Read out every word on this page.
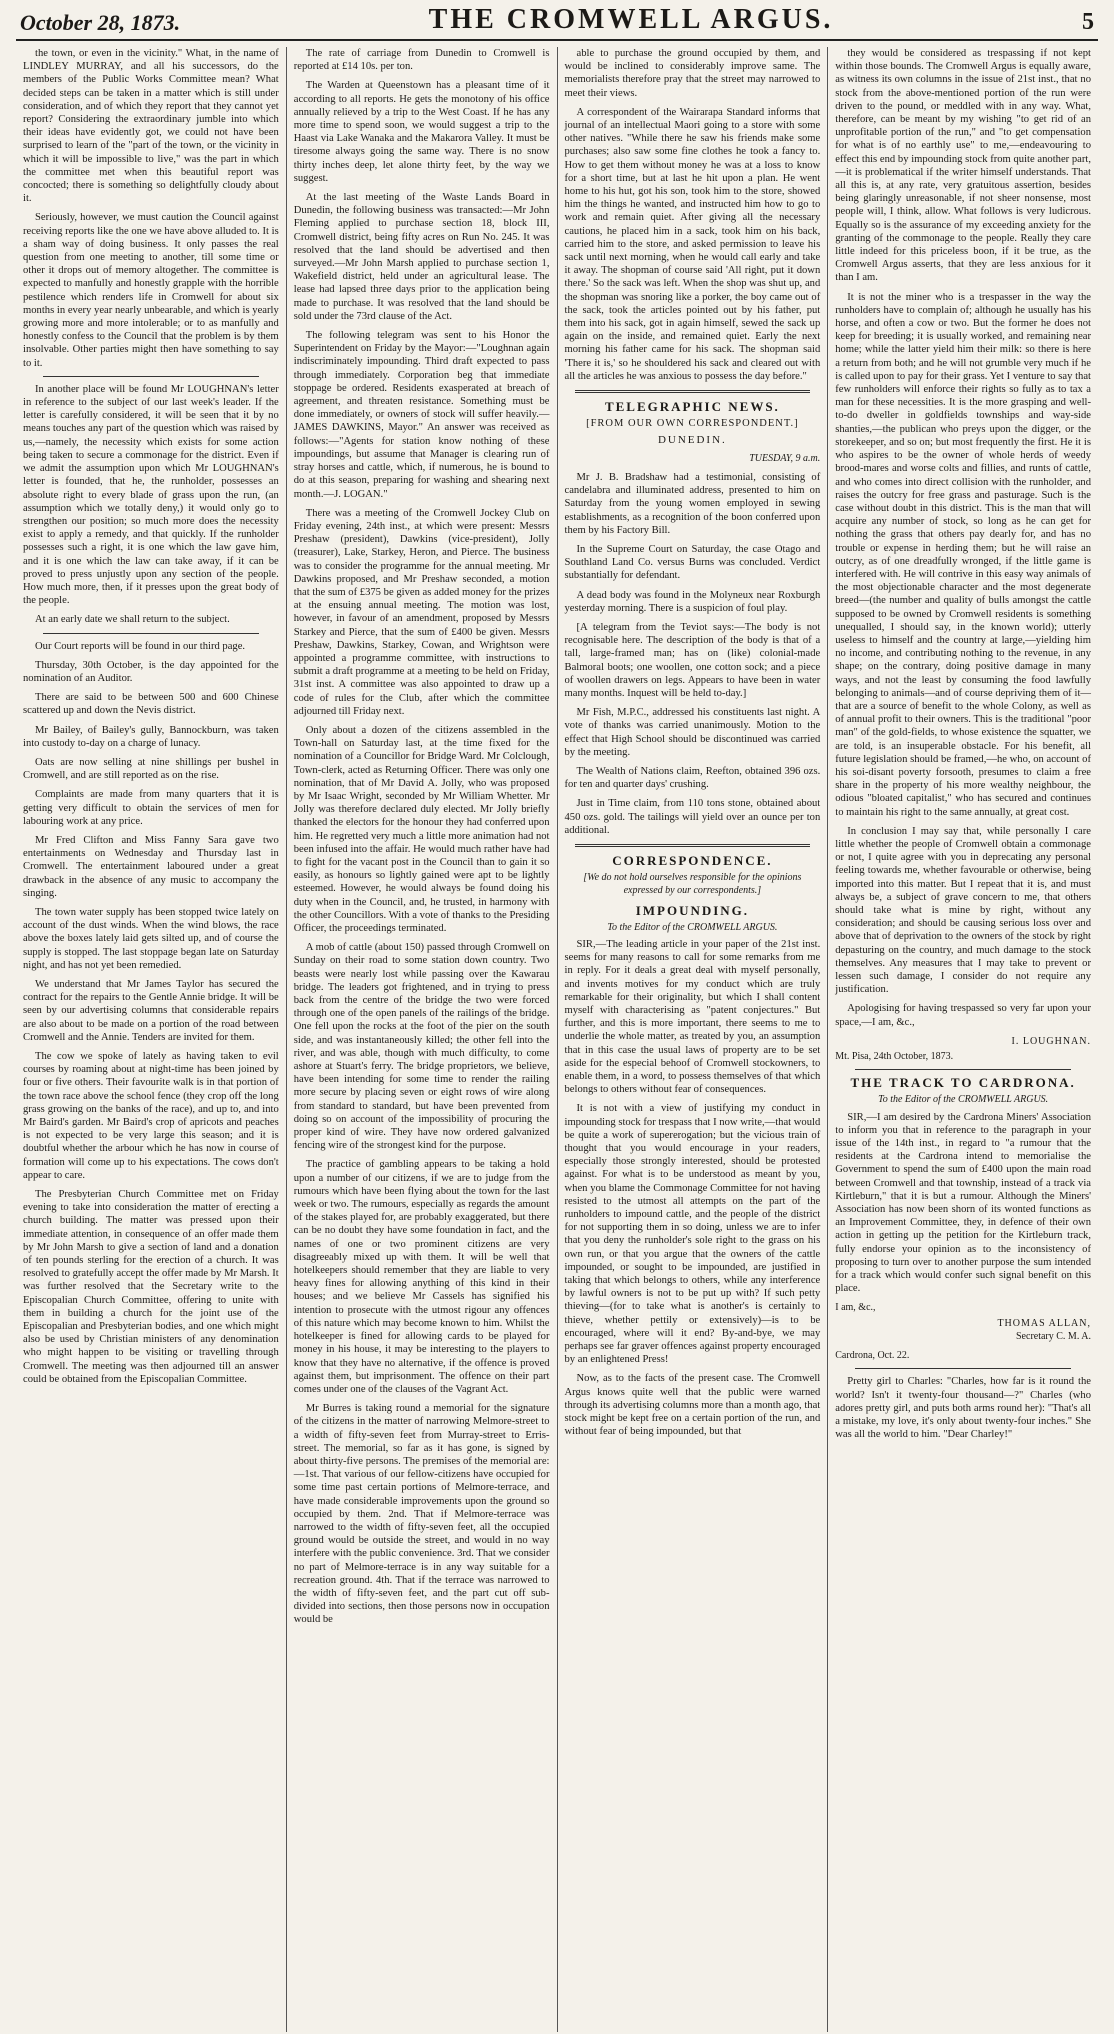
October 28, 1873.	THE CROMWELL ARGUS.	5

the town, or even in the vicinity." What, in the name of LINDLEY MURRAY, and all his successors, do the members of the Public Works Committee mean? What decided steps can be taken in a matter which is still under consideration, and of which they report that they cannot yet report? Considering the extraordinary jumble into which their ideas have evidently got, we could not have been surprised to learn of the "part of the town, or the vicinity in which it will be impossible to live," was the part in which the committee met when this beautiful report was concocted; there is something so delightfully cloudy about it.

Seriously, however, we must caution the Council against receiving reports like the one we have above alluded to. It is a sham way of doing business. It only passes the real question from one meeting to another, till some time or other it drops out of memory altogether. The committee is expected to manfully and honestly grapple with the horrible pestilence which renders life in Cromwell for about six months in every year nearly unbearable, and which is yearly growing more and more intolerable; or to as manfully and honestly confess to the Council that the problem is by them insolvable. Other parties might then have something to say to it.

In another place will be found Mr LOUGHNAN's letter in reference to the subject of our last week's leader. If the letter is carefully considered, it will be seen that it by no means touches any part of the question which was raised by us,—namely, the necessity which exists for some action being taken to secure a commonage for the district. Even if we admit the assumption upon which Mr LOUGHNAN's letter is founded, that he, the runholder, possesses an absolute right to every blade of grass upon the run, (an assumption which we totally deny,) it would only go to strengthen our position; so much more does the necessity exist to apply a remedy, and that quickly. If the runholder possesses such a right, it is one which the law gave him, and it is one which the law can take away, if it can be proved to press unjustly upon any section of the people. How much more, then, if it presses upon the great body of the people.

At an early date we shall return to the subject.

Our Court reports will be found in our third page.

Thursday, 30th October, is the day appointed for the nomination of an Auditor.

There are said to be between 500 and 600 Chinese scattered up and down the Nevis district.

Mr Bailey, of Bailey's gully, Bannockburn, was taken into custody to-day on a charge of lunacy.

Oats are now selling at nine shillings per bushel in Cromwell, and are still reported as on the rise.

Complaints are made from many quarters that it is getting very difficult to obtain the services of men for labouring work at any price.

Mr Fred Clifton and Miss Fanny Sara gave two entertainments on Wednesday and Thursday last in Cromwell. The entertainment laboured under a great drawback in the absence of any music to accompany the singing.

The town water supply has been stopped twice lately on account of the dust winds. When the wind blows, the race above the boxes lately laid gets silted up, and of course the supply is stopped. The last stoppage began late on Saturday night, and has not yet been remedied.

We understand that Mr James Taylor has secured the contract for the repairs to the Gentle Annie bridge. It will be seen by our advertising columns that considerable repairs are also about to be made on a portion of the road between Cromwell and the Annie. Tenders are invited for them.

The cow we spoke of lately as having taken to evil courses by roaming about at night-time has been joined by four or five others. Their favourite walk is in that portion of the town race above the school fence (they crop off the long grass growing on the banks of the race), and up to, and into Mr Baird's garden. Mr Baird's crop of apricots and peaches is not expected to be very large this season; and it is doubtful whether the arbour which he has now in course of formation will come up to his expectations. The cows don't appear to care.

The Presbyterian Church Committee met on Friday evening to take into consideration the matter of erecting a church building. The matter was pressed upon their immediate attention, in consequence of an offer made them by Mr John Marsh to give a section of land and a donation of ten pounds sterling for the erection of a church. It was resolved to gratefully accept the offer made by Mr Marsh. It was further resolved that the Secretary write to the Episcopalian Church Committee, offering to unite with them in building a church for the joint use of the Episcopalian and Presbyterian bodies, and one which might also be used by Christian ministers of any denomination who might happen to be visiting or travelling through Cromwell. The meeting was then adjourned till an answer could be obtained from the Episcopalian Committee.

The rate of carriage from Dunedin to Cromwell is reported at £14 10s. per ton.

The Warden at Queenstown has a pleasant time of it according to all reports. He gets the monotony of his office annually relieved by a trip to the West Coast. If he has any more time to spend soon, we would suggest a trip to the Haast via Lake Wanaka and the Makarora Valley. It must be tiresome always going the same way. There is no snow thirty inches deep, let alone thirty feet, by the way we suggest.

At the last meeting of the Waste Lands Board in Dunedin, the following business was transacted:—Mr John Fleming applied to purchase section 18, block III, Cromwell district, being fifty acres on Run No. 245. It was resolved that the land should be advertised and then surveyed.—Mr John Marsh applied to purchase section 1, Wakefield district, held under an agricultural lease. The lease had lapsed three days prior to the application being made to purchase. It was resolved that the land should be sold under the 73rd clause of the Act.

The following telegram was sent to his Honor the Superintendent on Friday by the Mayor:—"Loughnan again indiscriminately impounding. Third draft expected to pass through immediately. Corporation beg that immediate stoppage be ordered. Residents exasperated at breach of agreement, and threaten resistance. Something must be done immediately, or owners of stock will suffer heavily.—JAMES DAWKINS, Mayor." An answer was received as follows:—"Agents for station know nothing of these impoundings, but assume that Manager is clearing run of stray horses and cattle, which, if numerous, he is bound to do at this season, preparing for washing and shearing next month.—J. LOGAN."

There was a meeting of the Cromwell Jockey Club on Friday evening, 24th inst., at which were present: Messrs Preshaw (president), Dawkins (vice-president), Jolly (treasurer), Lake, Starkey, Heron, and Pierce. The business was to consider the programme for the annual meeting. Mr Dawkins proposed, and Mr Preshaw seconded, a motion that the sum of £375 be given as added money for the prizes at the ensuing annual meeting. The motion was lost, however, in favour of an amendment, proposed by Messrs Starkey and Pierce, that the sum of £400 be given. Messrs Preshaw, Dawkins, Starkey, Cowan, and Wrightson were appointed a programme committee, with instructions to submit a draft programme at a meeting to be held on Friday, 31st inst. A committee was also appointed to draw up a code of rules for the Club, after which the committee adjourned till Friday next.

Only about a dozen of the citizens assembled in the Town-hall on Saturday last, at the time fixed for the nomination of a Councillor for Bridge Ward. Mr Colclough, Town-clerk, acted as Returning Officer. There was only one nomination, that of Mr David A. Jolly, who was proposed by Mr Isaac Wright, seconded by Mr William Whetter. Mr Jolly was therefore declared duly elected. Mr Jolly briefly thanked the electors for the honour they had conferred upon him. He regretted very much a little more animation had not been infused into the affair. He would much rather have had to fight for the vacant post in the Council than to gain it so easily, as honours so lightly gained were apt to be lightly esteemed. However, he would always be found doing his duty when in the Council, and, he trusted, in harmony with the other Councillors. With a vote of thanks to the Presiding Officer, the proceedings terminated.

A mob of cattle (about 150) passed through Cromwell on Sunday on their road to some station down country. Two beasts were nearly lost while passing over the Kawarau bridge. The leaders got frightened, and in trying to press back from the centre of the bridge the two were forced through one of the open panels of the railings of the bridge. One fell upon the rocks at the foot of the pier on the south side, and was instantaneously killed; the other fell into the river, and was able, though with much difficulty, to come ashore at Stuart's ferry. The bridge proprietors, we believe, have been intending for some time to render the railing more secure by placing seven or eight rows of wire along from standard to standard, but have been prevented from doing so on account of the impossibility of procuring the proper kind of wire. They have now ordered galvanized fencing wire of the strongest kind for the purpose.

The practice of gambling appears to be taking a hold upon a number of our citizens, if we are to judge from the rumours which have been flying about the town for the last week or two. The rumours, especially as regards the amount of the stakes played for, are probably exaggerated, but there can be no doubt they have some foundation in fact, and the names of one or two prominent citizens are very disagreeably mixed up with them. It will be well that hotelkeepers should remember that they are liable to very heavy fines for allowing anything of this kind in their houses; and we believe Mr Cassels has signified his intention to prosecute with the utmost rigour any offences of this nature which may become known to him. Whilst the hotelkeeper is fined for allowing cards to be played for money in his house, it may be interesting to the players to know that they have no alternative, if the offence is proved against them, but imprisonment. The offence on their part comes under one of the clauses of the Vagrant Act.

Mr Burres is taking round a memorial for the signature of the citizens in the matter of narrowing Melmore-street to a width of fifty-seven feet from Murray-street to Erris-street. The memorial, so far as it has gone, is signed by about thirty-five persons. The premises of the memorial are:—1st. That various of our fellow-citizens have occupied for some time past certain portions of Melmore-terrace, and have made considerable improvements upon the ground so occupied by them. 2nd. That if Melmore-terrace was narrowed to the width of fifty-seven feet, all the occupied ground would be outside the street, and would in no way interfere with the public convenience. 3rd. That we consider no part of Melmore-terrace is in any way suitable for a recreation ground. 4th. That if the terrace was narrowed to the width of fifty-seven feet, and the part cut off sub-divided into sections, then those persons now in occupation would be

able to purchase the ground occupied by them, and would be inclined to considerably improve same. The memorialists therefore pray that the street may narrowed to meet their views.

A correspondent of the Wairarapa Standard informs that journal of an intellectual Maori going to a store with some other natives. "While there he saw his friends make some purchases; also saw some fine clothes he took a fancy to. How to get them without money he was at a loss to know for a short time, but at last he hit upon a plan. He went home to his hut, got his son, took him to the store, showed him the things he wanted, and instructed him how to go to work and remain quiet. After giving all the necessary cautions, he placed him in a sack, took him on his back, carried him to the store, and asked permission to leave his sack until next morning, when he would call early and take it away. The shopman of course said 'All right, put it down there.' So the sack was left. When the shop was shut up, and the shopman was snoring like a porker, the boy came out of the sack, took the articles pointed out by his father, put them into his sack, got in again himself, sewed the sack up again on the inside, and remained quiet. Early the next morning his father came for his sack. The shopman said 'There it is,' so he shouldered his sack and cleared out with all the articles he was anxious to possess the day before."

TELEGRAPHIC NEWS.
[FROM OUR OWN CORRESPONDENT.]
DUNEDIN.
TUESDAY, 9 a.m.

Mr J. B. Bradshaw had a testimonial, consisting of candelabra and illuminated address, presented to him on Saturday from the young women employed in sewing establishments, as a recognition of the boon conferred upon them by his Factory Bill.

In the Supreme Court on Saturday, the case Otago and Southland Land Co. versus Burns was concluded. Verdict substantially for defendant.

A dead body was found in the Molyneux near Roxburgh yesterday morning. There is a suspicion of foul play.

[A telegram from the Teviot says:—The body is not recognisable here. The description of the body is that of a tall, large-framed man; has on (like) colonial-made Balmoral boots; one woollen, one cotton sock; and a piece of woollen drawers on legs. Appears to have been in water many months. Inquest will be held to-day.]

Mr Fish, M.P.C., addressed his constituents last night. A vote of thanks was carried unanimously. Motion to the effect that High School should be discontinued was carried by the meeting.

The Wealth of Nations claim, Reefton, obtained 396 ozs. for ten and quarter days' crushing.

Just in Time claim, from 110 tons stone, obtained about 450 ozs. gold. The tailings will yield over an ounce per ton additional.

CORRESPONDENCE.
[We do not hold ourselves responsible for the opinions expressed by our correspondents.]
IMPOUNDING.
To the Editor of the CROMWELL ARGUS.

SIR,—The leading article in your paper of the 21st inst. seems for many reasons to call for some remarks from me in reply. For it deals a great deal with myself personally, and invents motives for my conduct which are truly remarkable for their originality, but which I shall content myself with characterising as "patent conjectures." But further, and this is more important, there seems to me to underlie the whole matter, as treated by you, an assumption that in this case the usual laws of property are to be set aside for the especial behoof of Cromwell stockowners, to enable them, in a word, to possess themselves of that which belongs to others without fear of consequences.

It is not with a view of justifying my conduct in impounding stock for trespass that I now write,—that would be quite a work of supererogation; but the vicious train of thought that you would encourage in your readers, especially those strongly interested, should be protested against. For what is to be understood as meant by you, when you blame the Commonage Committee for not having resisted to the utmost all attempts on the part of the runholders to impound cattle, and the people of the district for not supporting them in so doing, unless we are to infer that you deny the runholder's sole right to the grass on his own run, or that you argue that the owners of the cattle impounded, or sought to be impounded, are justified in taking that which belongs to others, while any interference by lawful owners is not to be put up with? If such petty thieving—(for to take what is another's is certainly to thieve, whether pettily or extensively)—is to be encouraged, where will it end? By-and-bye, we may perhaps see far graver offences against property encouraged by an enlightened Press!

Now, as to the facts of the present case. The Cromwell Argus knows quite well that the public were warned through its advertising columns more than a month ago, that stock might be kept free on a certain portion of the run, and without fear of being impounded, but that

they would be considered as trespassing if not kept within those bounds. The Cromwell Argus is equally aware, as witness its own columns in the issue of 21st inst., that no stock from the above-mentioned portion of the run were driven to the pound, or meddled with in any way. What, therefore, can be meant by my wishing "to get rid of an unprofitable portion of the run," and "to get compensation for what is of no earthly use" to me,—endeavouring to effect this end by impounding stock from quite another part,—it is problematical if the writer himself understands. That all this is, at any rate, very gratuitous assertion, besides being glaringly unreasonable, if not sheer nonsense, most people will, I think, allow. What follows is very ludicrous. Equally so is the assurance of my exceeding anxiety for the granting of the commonage to the people. Really they care little indeed for this priceless boon, if it be true, as the Cromwell Argus asserts, that they are less anxious for it than I am.

It is not the miner who is a trespasser in the way the runholders have to complain of; although he usually has his horse, and often a cow or two. But the former he does not keep for breeding; it is usually worked, and remaining near home; while the latter yield him their milk: so there is here a return from both; and he will not grumble very much if he is called upon to pay for their grass. Yet I venture to say that few runholders will enforce their rights so fully as to tax a man for these necessities. It is the more grasping and well-to-do dweller in goldfields townships and way-side shanties,—the publican who preys upon the digger, or the storekeeper, and so on; but most frequently the first. He it is who aspires to be the owner of whole herds of weedy brood-mares and worse colts and fillies, and runts of cattle, and who comes into direct collision with the runholder, and raises the outcry for free grass and pasturage. Such is the case without doubt in this district. This is the man that will acquire any number of stock, so long as he can get for nothing the grass that others pay dearly for, and has no trouble or expense in herding them; but he will raise an outcry, as of one dreadfully wronged, if the little game is interfered with. He will contrive in this easy way animals of the most objectionable character and the most degenerate breed—(the number and quality of bulls amongst the cattle supposed to be owned by Cromwell residents is something unequalled, I should say, in the known world); utterly useless to himself and the country at large,—yielding him no income, and contributing nothing to the revenue, in any shape; on the contrary, doing positive damage in many ways, and not the least by consuming the food lawfully belonging to animals—and of course depriving them of it—that are a source of benefit to the whole Colony, as well as of annual profit to their owners. This is the traditional "poor man" of the gold-fields, to whose existence the squatter, we are told, is an insuperable obstacle. For his benefit, all future legislation should be framed,—he who, on account of his soi-disant poverty forsooth, presumes to claim a free share in the property of his more wealthy neighbour, the odious "bloated capitalist," who has secured and continues to maintain his right to the same annually, at great cost.

In conclusion I may say that, while personally I care little whether the people of Cromwell obtain a commonage or not, I quite agree with you in deprecating any personal feeling towards me, whether favourable or otherwise, being imported into this matter. But I repeat that it is, and must always be, a subject of grave concern to me, that others should take what is mine by right, without any consideration; and should be causing serious loss over and above that of deprivation to the owners of the stock by right depasturing on the country, and much damage to the stock themselves. Any measures that I may take to prevent or lessen such damage, I consider do not require any justification.

Apologising for having trespassed so very far upon your space,—I am, &c.,

I. LOUGHNAN.
Mt. Pisa, 24th October, 1873.
THE TRACK TO CARDRONA.
To the Editor of the CROMWELL ARGUS.

SIR,—I am desired by the Cardrona Miners' Association to inform you that in reference to the paragraph in your issue of the 14th inst., in regard to "a rumour that the residents at the Cardrona intend to memorialise the Government to spend the sum of £400 upon the main road between Cromwell and that township, instead of a track via Kirtleburn," that it is but a rumour. Although the Miners' Association has now been shorn of its wonted functions as an Improvement Committee, they, in defence of their own action in getting up the petition for the Kirtleburn track, fully endorse your opinion as to the inconsistency of proposing to turn over to another purpose the sum intended for a track which would confer such signal benefit on this place.

I am, &c.,
THOMAS ALLAN,
Secretary C. M. A.
Cardrona, Oct. 22.

Pretty girl to Charles: "Charles, how far is it round the world? Isn't it twenty-four thousand—?" Charles (who adores pretty girl, and puts both arms round her): "That's all a mistake, my love, it's only about twenty-four inches." She was all the world to him. "Dear Charley!"
